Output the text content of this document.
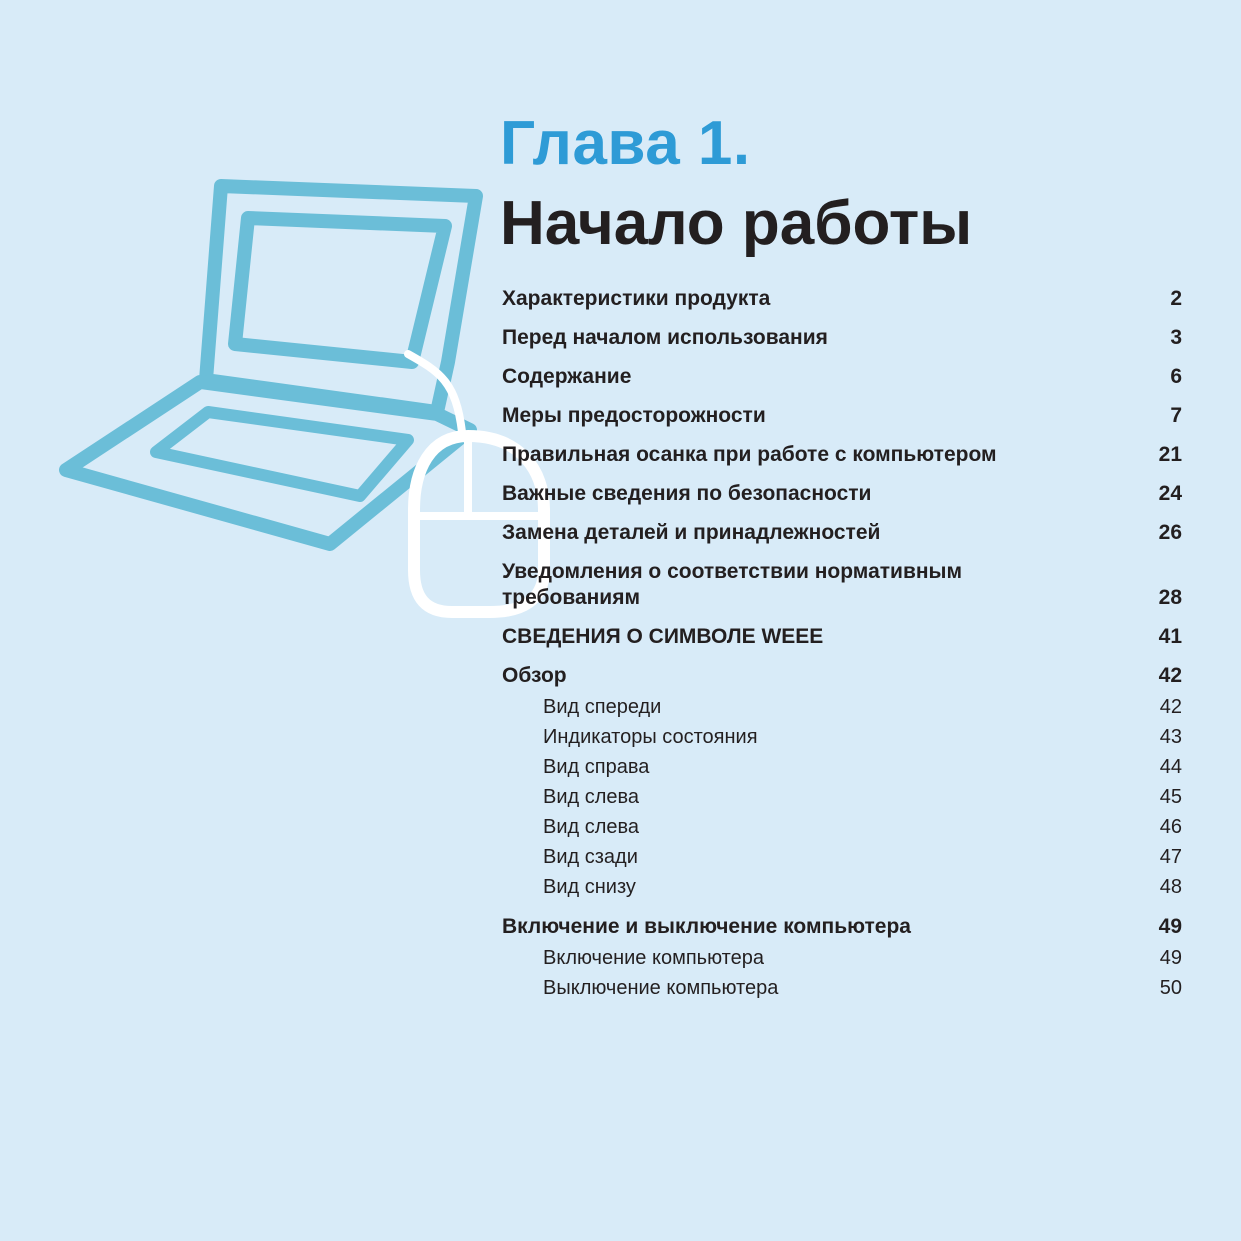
Глава 1.
Начало работы
Характеристики продукта	2
Перед началом использования	3
Содержание	6
Меры предосторожности	7
Правильная осанка при работе с компьютером	21
Важные сведения по безопасности	24
Замена деталей и принадлежностей	26
Уведомления о соответствии нормативным требованиям	28
СВЕДЕНИЯ О СИМВОЛЕ WEEE	41
Обзор	42
Вид спереди	42
Индикаторы состояния	43
Вид справа	44
Вид слева	45
Вид слева	46
Вид сзади	47
Вид снизу	48
Включение и выключение компьютера	49
Включение компьютера	49
Выключение компьютера	50
